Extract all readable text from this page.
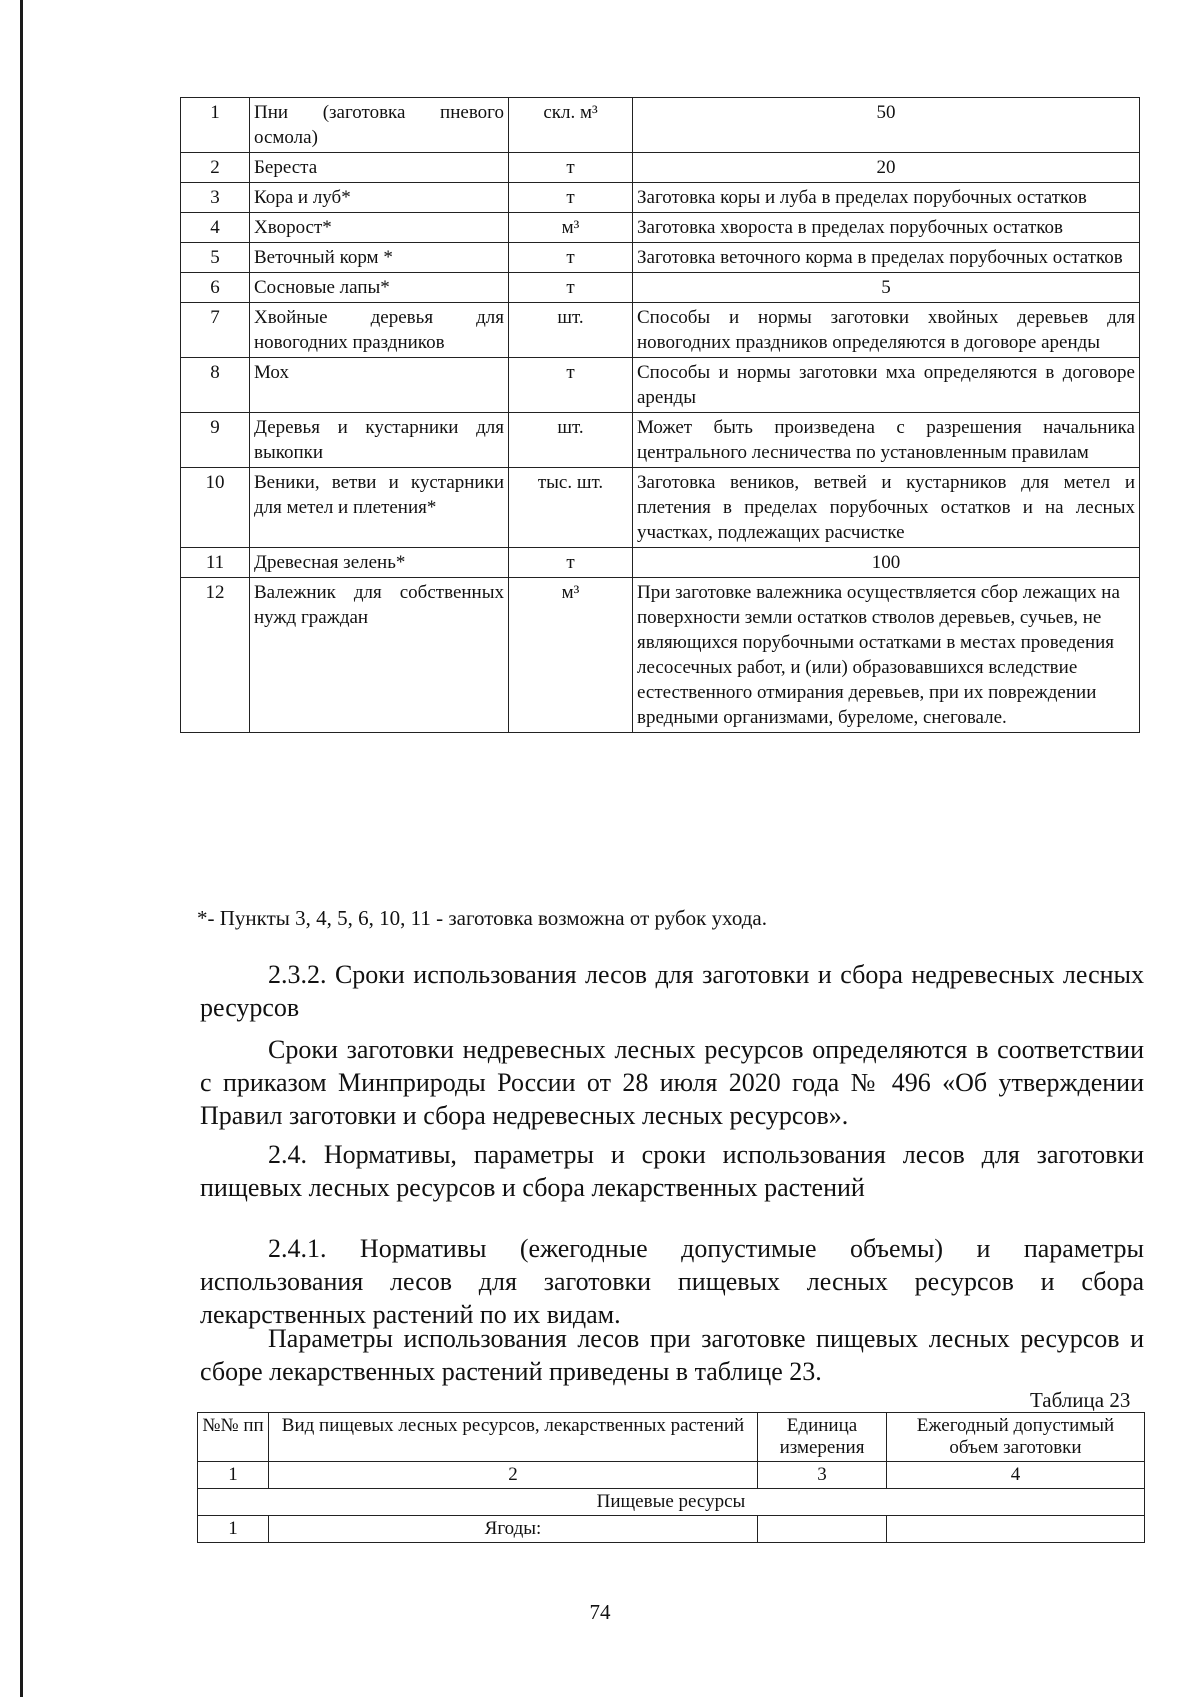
1	Пни (заготовка пневого осмола)	скл. м³	50
2	Береста	т	20
3	Кора и луб*	т	Заготовка коры и луба в пределах порубочных остатков
4	Хворост*	м³	Заготовка хвороста в пределах порубочных остатков
5	Веточный корм *	т	Заготовка веточного корма в пределах порубочных остатков
6	Сосновые лапы*	т	5
7	Хвойные деревья для новогодних праздников	шт.	Способы и нормы заготовки хвойных деревьев для новогодних праздников определяются в договоре аренды
8	Мох	т	Способы и нормы заготовки мха определяются в договоре аренды
9	Деревья и кустарники для выкопки	шт.	Может быть произведена с разрешения начальника центрального лесничества по установленным правилам
10	Веники, ветви и кустарники для метел и плетения*	тыс. шт.	Заготовка веников, ветвей и кустарников для метел и плетения в пределах порубочных остатков и на лесных участках, подлежащих расчистке
11	Древесная зелень*	т	100
12	Валежник для собственных нужд граждан	м³	При заготовке валежника осуществляется сбор лежащих на поверхности земли остатков стволов деревьев, сучьев, не являющихся порубочными остатками в местах проведения лесосечных работ, и (или) образовавшихся вследствие естественного отмирания деревьев, при их повреждении вредными организмами, буреломе, снеговале.
*- Пункты 3, 4, 5, 6, 10, 11 - заготовка возможна от рубок ухода.

2.3.2. Сроки использования лесов для заготовки и сбора недревесных лесных ресурсов

Сроки заготовки недревесных лесных ресурсов определяются в соответствии с приказом Минприроды России от 28 июля 2020 года № 496 «Об утверждении Правил заготовки и сбора недревесных лесных ресурсов».

2.4. Нормативы, параметры и сроки использования лесов для заготовки пищевых лесных ресурсов и сбора лекарственных растений

2.4.1. Нормативы (ежегодные допустимые объемы) и параметры использования лесов для заготовки пищевых лесных ресурсов и сбора лекарственных растений по их видам.

Параметры использования лесов при заготовке пищевых лесных ресурсов и сборе лекарственных растений приведены в таблице 23.

Таблица 23
№№ пп	Вид пищевых лесных ресурсов, лекарственных растений	Единица измерения	Ежегодный допустимый объем заготовки
1	2	3	4
Пищевые ресурсы			
1	Ягоды:		
74
